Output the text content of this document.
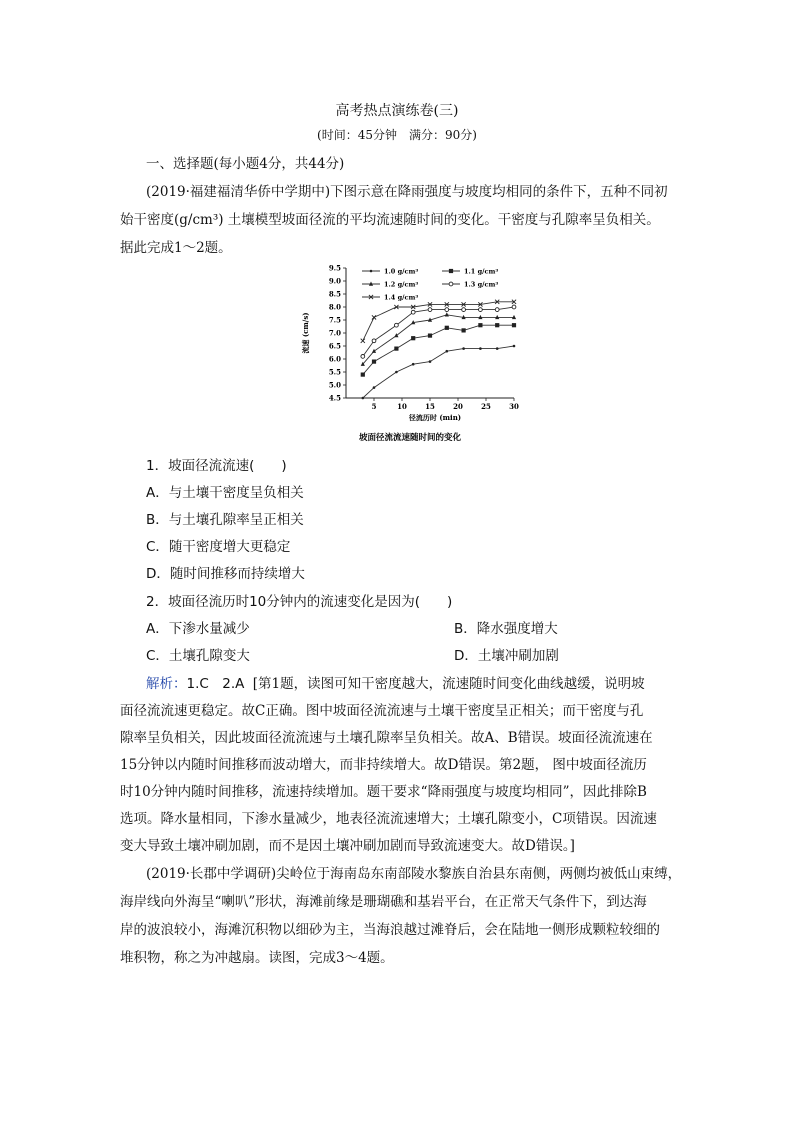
高考热点演练卷(三)
(时间：45分钟　满分：90分)
一、选择题(每小题4分，共44分)
(2019·福建福清华侨中学期中)下图示意在降雨强度与坡度均相同的条件下，五种不同初
始干密度(g/cm³) 土壤模型坡面径流的平均流速随时间的变化。干密度与孔隙率呈负相关。
据此完成1～2题。
4.5
5.0
5.5
6.0
6.5
7.0
7.5
8.0
8.5
9.0
9.5
5	10	15	20	25	30
1.0 g/cm³	1.1 g/cm³
1.2 g/cm³	1.3 g/cm³
1.4 g/cm³
径流历时 (min)
流速 (cm/s)
坡面径流流速随时间的变化
1．坡面径流流速(　　)
A．与土壤干密度呈负相关
B．与土壤孔隙率呈正相关
C．随干密度增大更稳定
D．随时间推移而持续增大
2．坡面径流历时10分钟内的流速变化是因为(　　)
A．下渗水量减少	B．降水强度增大
C．土壤孔隙变大	D．土壤冲刷加剧
解析：1.C　2.A [第1题，读图可知干密度越大，流速随时间变化曲线越缓，说明坡
面径流流速更稳定。故C正确。图中坡面径流流速与土壤干密度呈正相关；而干密度与孔
隙率呈负相关，因此坡面径流流速与土壤孔隙率呈负相关。故A、B错误。坡面径流流速在
15分钟以内随时间推移而波动增大，而非持续增大。故D错误。第2题， 图中坡面径流历
时10分钟内随时间推移，流速持续增加。题干要求“降雨强度与坡度均相同”，因此排除B
选项。降水量相同，下渗水量减少，地表径流流速增大；土壤孔隙变小，C项错误。因流速
变大导致土壤冲刷加剧，而不是因土壤冲刷加剧而导致流速变大。故D错误。]
(2019·长郡中学调研)尖岭位于海南岛东南部陵水黎族自治县东南侧，两侧均被低山束缚，
海岸线向外海呈“喇叭”形状，海滩前缘是珊瑚礁和基岩平台，在正常天气条件下，到达海
岸的波浪较小，海滩沉积物以细砂为主，当海浪越过滩脊后，会在陆地一侧形成颗粒较细的
堆积物，称之为冲越扇。读图，完成3～4题。
